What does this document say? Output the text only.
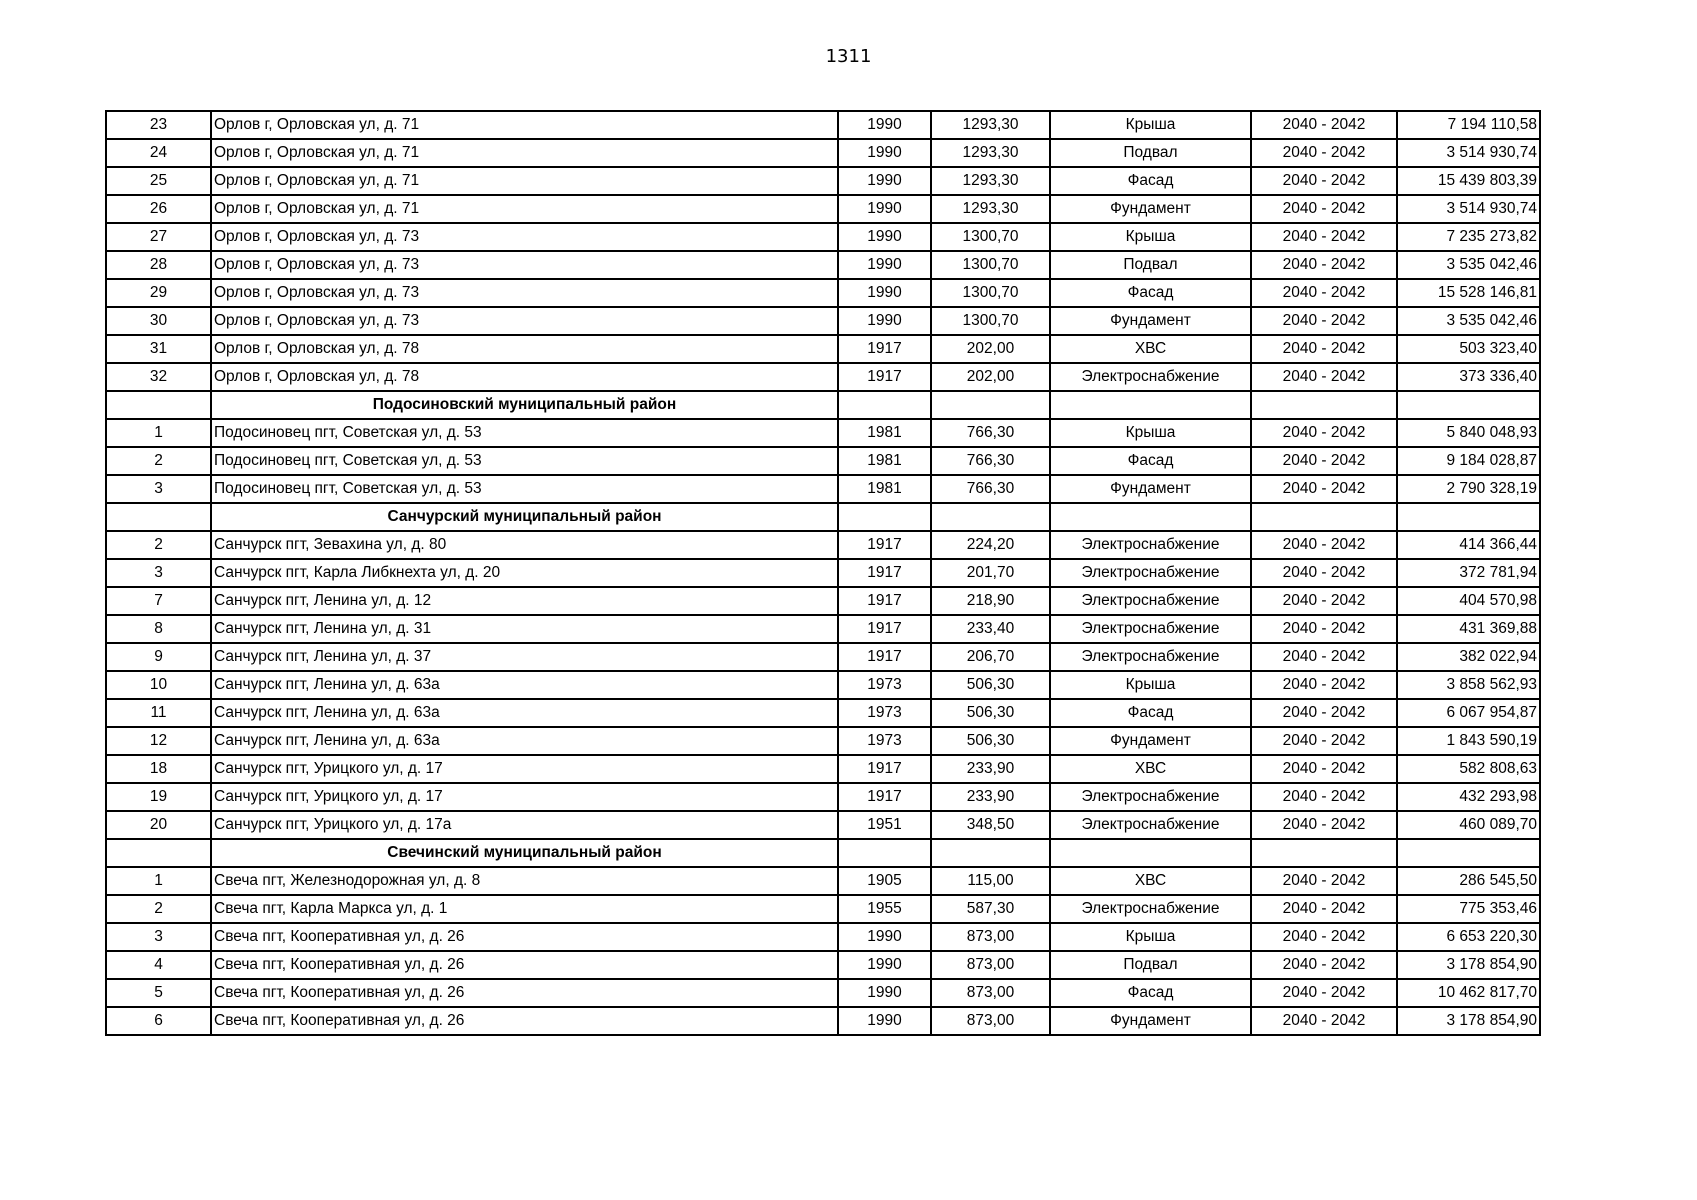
1311
23	Орлов г, Орловская ул, д. 71	1990	1293,30	Крыша	2040 - 2042	7 194 110,58
24	Орлов г, Орловская ул, д. 71	1990	1293,30	Подвал	2040 - 2042	3 514 930,74
25	Орлов г, Орловская ул, д. 71	1990	1293,30	Фасад	2040 - 2042	15 439 803,39
26	Орлов г, Орловская ул, д. 71	1990	1293,30	Фундамент	2040 - 2042	3 514 930,74
27	Орлов г, Орловская ул, д. 73	1990	1300,70	Крыша	2040 - 2042	7 235 273,82
28	Орлов г, Орловская ул, д. 73	1990	1300,70	Подвал	2040 - 2042	3 535 042,46
29	Орлов г, Орловская ул, д. 73	1990	1300,70	Фасад	2040 - 2042	15 528 146,81
30	Орлов г, Орловская ул, д. 73	1990	1300,70	Фундамент	2040 - 2042	3 535 042,46
31	Орлов г, Орловская ул, д. 78	1917	202,00	ХВС	2040 - 2042	503 323,40
32	Орлов г, Орловская ул, д. 78	1917	202,00	Электроснабжение	2040 - 2042	373 336,40
	Подосиновский муниципальный район					
1	Подосиновец пгт, Советская ул, д. 53	1981	766,30	Крыша	2040 - 2042	5 840 048,93
2	Подосиновец пгт, Советская ул, д. 53	1981	766,30	Фасад	2040 - 2042	9 184 028,87
3	Подосиновец пгт, Советская ул, д. 53	1981	766,30	Фундамент	2040 - 2042	2 790 328,19
	Санчурский муниципальный район					
2	Санчурск пгт, Зевахина ул, д. 80	1917	224,20	Электроснабжение	2040 - 2042	414 366,44
3	Санчурск пгт, Карла Либкнехта ул, д. 20	1917	201,70	Электроснабжение	2040 - 2042	372 781,94
7	Санчурск пгт, Ленина ул, д. 12	1917	218,90	Электроснабжение	2040 - 2042	404 570,98
8	Санчурск пгт, Ленина ул, д. 31	1917	233,40	Электроснабжение	2040 - 2042	431 369,88
9	Санчурск пгт, Ленина ул, д. 37	1917	206,70	Электроснабжение	2040 - 2042	382 022,94
10	Санчурск пгт, Ленина ул, д. 63а	1973	506,30	Крыша	2040 - 2042	3 858 562,93
11	Санчурск пгт, Ленина ул, д. 63а	1973	506,30	Фасад	2040 - 2042	6 067 954,87
12	Санчурск пгт, Ленина ул, д. 63а	1973	506,30	Фундамент	2040 - 2042	1 843 590,19
18	Санчурск пгт, Урицкого ул, д. 17	1917	233,90	ХВС	2040 - 2042	582 808,63
19	Санчурск пгт, Урицкого ул, д. 17	1917	233,90	Электроснабжение	2040 - 2042	432 293,98
20	Санчурск пгт, Урицкого ул, д. 17а	1951	348,50	Электроснабжение	2040 - 2042	460 089,70
	Свечинский муниципальный район					
1	Свеча пгт, Железнодорожная ул, д. 8	1905	115,00	ХВС	2040 - 2042	286 545,50
2	Свеча пгт, Карла Маркса ул, д. 1	1955	587,30	Электроснабжение	2040 - 2042	775 353,46
3	Свеча пгт, Кооперативная ул, д. 26	1990	873,00	Крыша	2040 - 2042	6 653 220,30
4	Свеча пгт, Кооперативная ул, д. 26	1990	873,00	Подвал	2040 - 2042	3 178 854,90
5	Свеча пгт, Кооперативная ул, д. 26	1990	873,00	Фасад	2040 - 2042	10 462 817,70
6	Свеча пгт, Кооперативная ул, д. 26	1990	873,00	Фундамент	2040 - 2042	3 178 854,90
